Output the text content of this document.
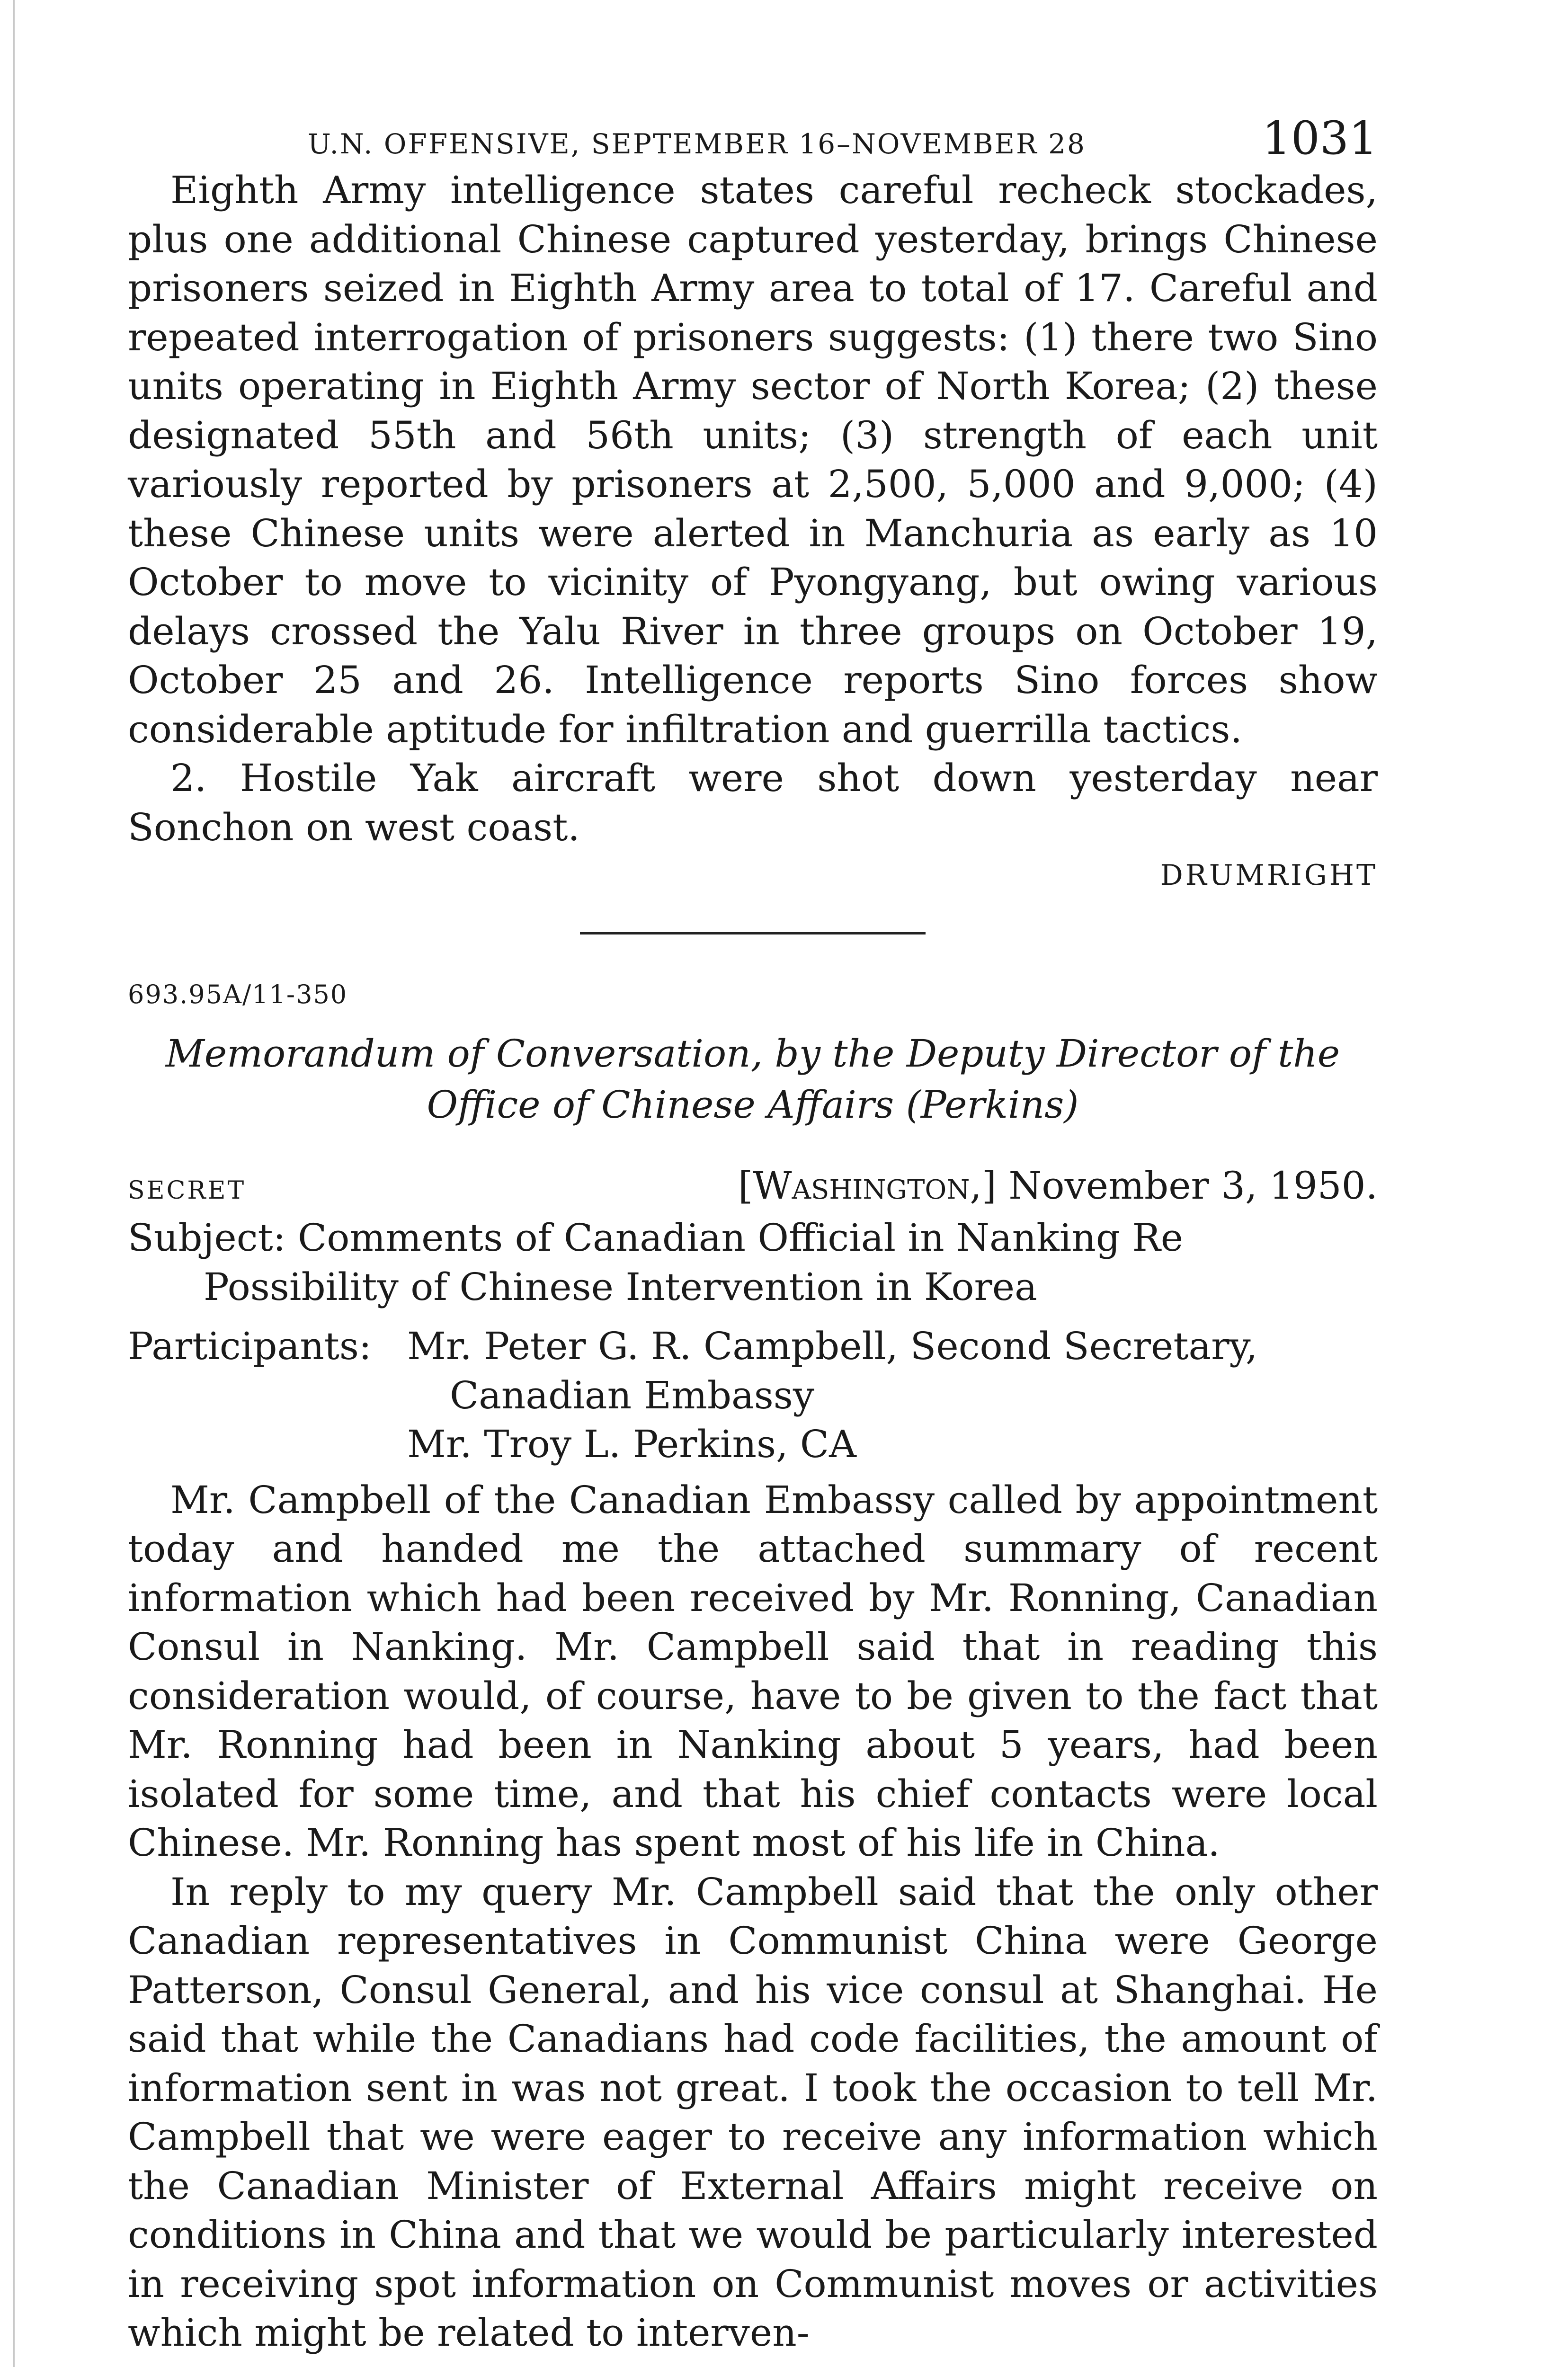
U.N. OFFENSIVE, SEPTEMBER 16–NOVEMBER 28	1031

Eighth Army intelligence states careful recheck stockades, plus one additional Chinese captured yesterday, brings Chinese prisoners seized in Eighth Army area to total of 17. Careful and repeated interrogation of prisoners suggests: (1) there two Sino units operating in Eighth Army sector of North Korea; (2) these designated 55th and 56th units; (3) strength of each unit variously reported by prisoners at 2,500, 5,000 and 9,000; (4) these Chinese units were alerted in Manchuria as early as 10 October to move to vicinity of Pyongyang, but owing various delays crossed the Yalu River in three groups on October 19, October 25 and 26. Intelligence reports Sino forces show considerable aptitude for infiltration and guerrilla tactics.

2. Hostile Yak aircraft were shot down yesterday near Sonchon on west coast.

DRUMRIGHT
693.95A/11-350
Memorandum of Conversation, by the Deputy Director of the Office of Chinese Affairs (Perkins)
SECRET	[Washington,] November 3, 1950.
Subject: Comments of Canadian Official in Nanking Re Possibility of Chinese Intervention in Korea
Participants: Mr. Peter G. R. Campbell, Second Secretary, Canadian Embassy
Mr. Troy L. Perkins, CA

Mr. Campbell of the Canadian Embassy called by appointment today and handed me the attached summary of recent information which had been received by Mr. Ronning, Canadian Consul in Nanking. Mr. Campbell said that in reading this consideration would, of course, have to be given to the fact that Mr. Ronning had been in Nanking about 5 years, had been isolated for some time, and that his chief contacts were local Chinese. Mr. Ronning has spent most of his life in China.

In reply to my query Mr. Campbell said that the only other Canadian representatives in Communist China were George Patterson, Consul General, and his vice consul at Shanghai. He said that while the Canadians had code facilities, the amount of information sent in was not great. I took the occasion to tell Mr. Campbell that we were eager to receive any information which the Canadian Minister of External Affairs might receive on conditions in China and that we would be particularly interested in receiving spot information on Communist moves or activities which might be related to interven-
